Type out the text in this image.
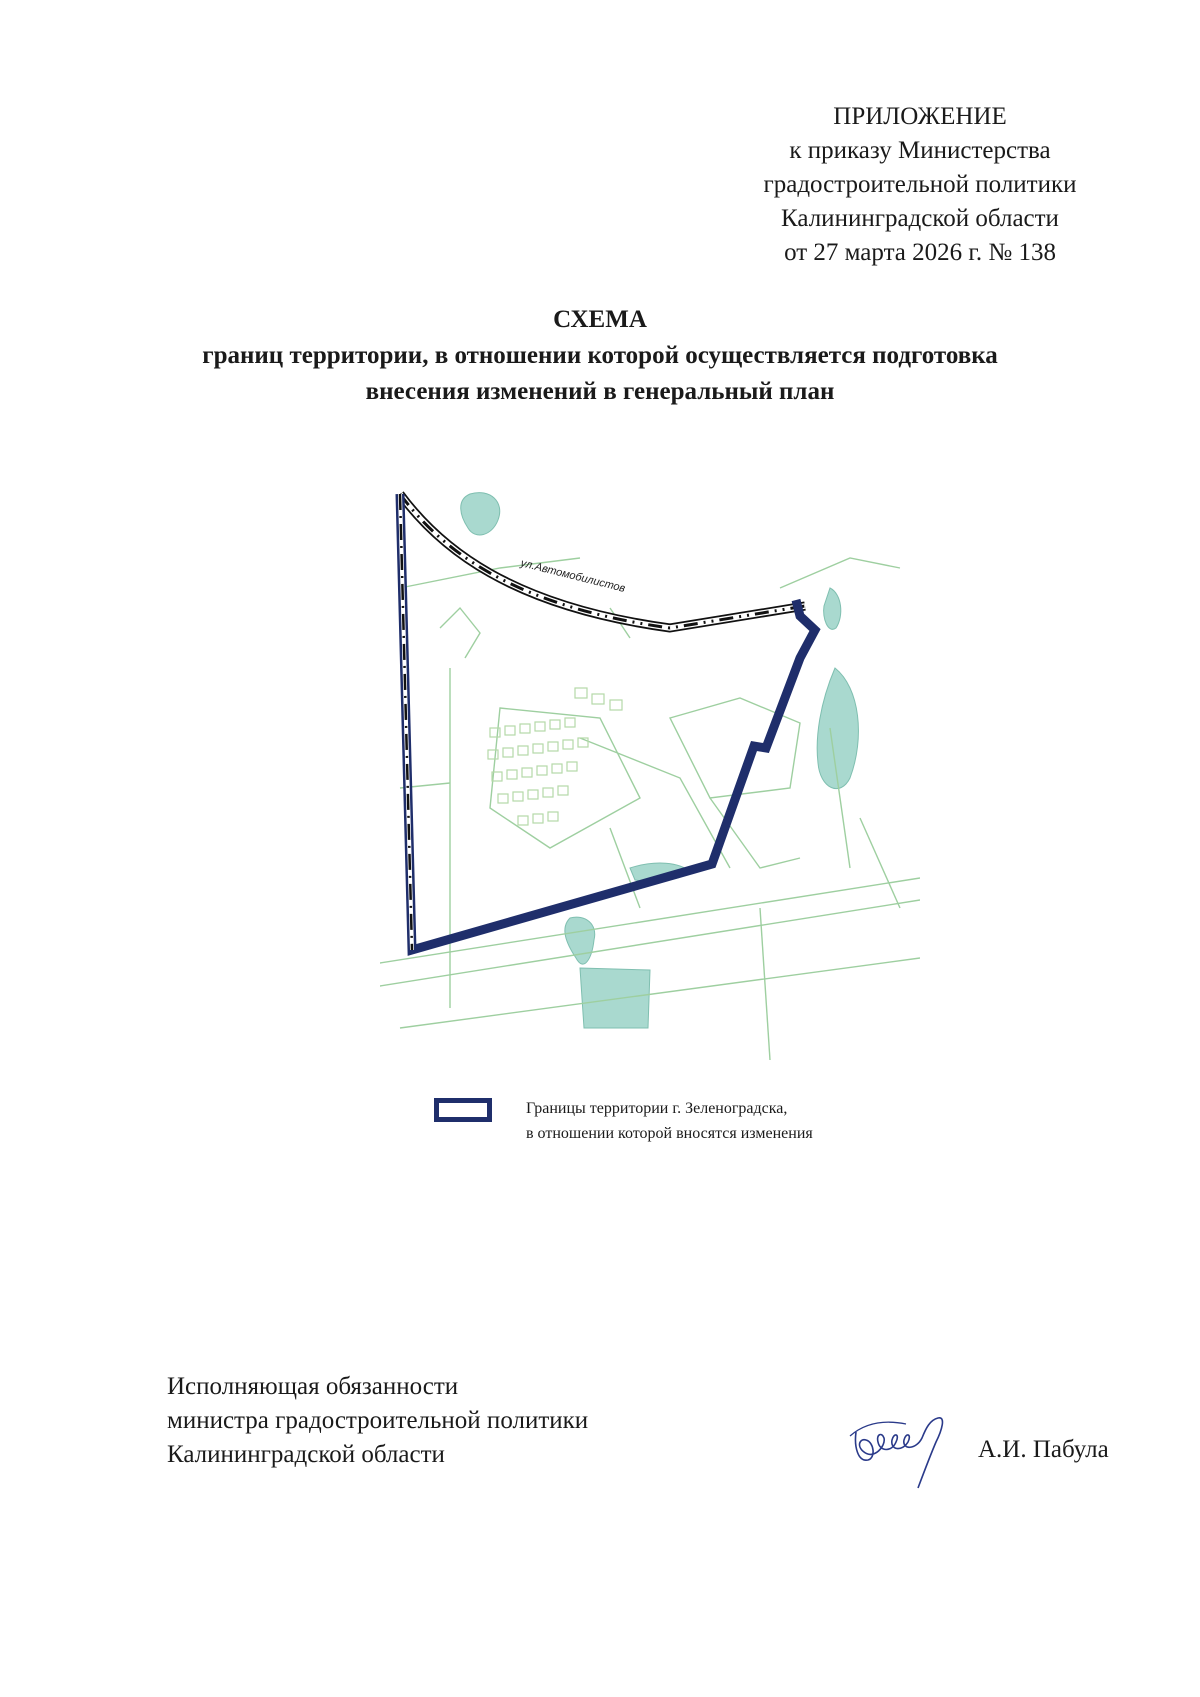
ПРИЛОЖЕНИЕ
к приказу Министерства
градостроительной политики
Калининградской области
от 27 марта 2026 г. № 138
СХЕМА
границ территории, в отношении которой осуществляется подготовка
внесения изменений в генеральный план
ул.Автомобилистов
Границы территории г. Зеленоградска,
в отношении которой вносятся изменения
Исполняющая обязанности
министра градостроительной политики
Калининградской области	А.И. Пабула
